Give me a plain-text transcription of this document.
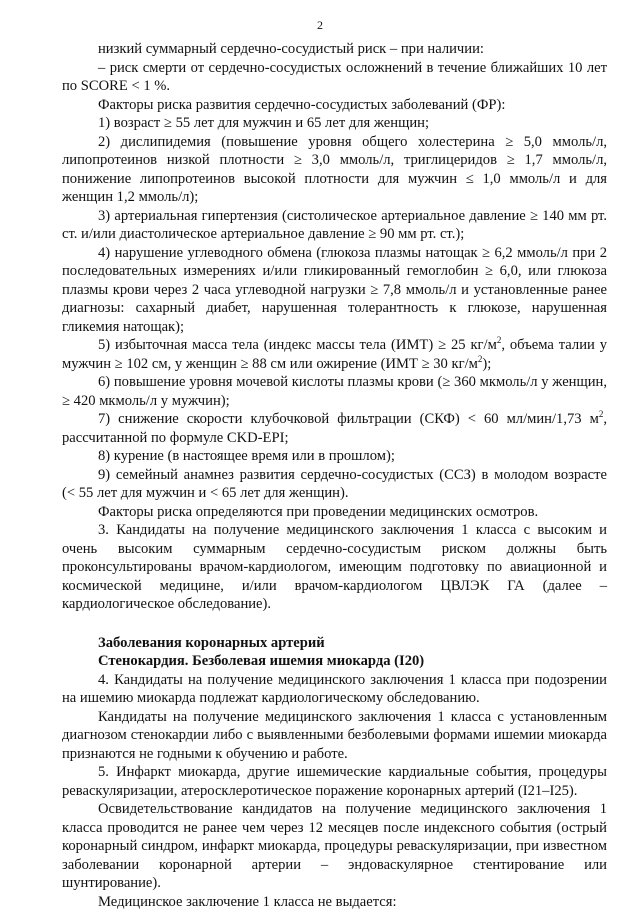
2

низкий суммарный сердечно-сосудистый риск – при наличии:

– риск смерти от сердечно-сосудистых осложнений в течение ближайших 10 лет по SCORE < 1 %.

Факторы риска развития сердечно-сосудистых заболеваний (ФР):

1) возраст ≥ 55 лет для мужчин и 65 лет для женщин;

2) дислипидемия (повышение уровня общего холестерина ≥ 5,0 ммоль/л, липопротеинов низкой плотности ≥ 3,0 ммоль/л, триглицеридов ≥ 1,7 ммоль/л, понижение липопротеинов высокой плотности для мужчин ≤ 1,0 ммоль/л и для женщин 1,2 ммоль/л);

3) артериальная гипертензия (систолическое артериальное давление ≥ 140 мм рт. ст. и/или диастолическое артериальное давление ≥ 90 мм рт. ст.);

4) нарушение углеводного обмена (глюкоза плазмы натощак ≥ 6,2 ммоль/л при 2 последовательных измерениях и/или гликированный гемоглобин ≥ 6,0, или глюкоза плазмы крови через 2 часа углеводной нагрузки ≥ 7,8 ммоль/л и установленные ранее диагнозы: сахарный диабет, нарушенная толерантность к глюкозе, нарушенная гликемия натощак);

5) избыточная масса тела (индекс массы тела (ИМТ) ≥ 25 $кг/м^2$, объема талии у мужчин ≥ 102 см, у женщин ≥ 88 см или ожирение (ИМТ ≥ 30 $кг/м^2$);

6) повышение уровня мочевой кислоты плазмы крови (≥ 360 мкмоль/л у женщин, ≥ 420 мкмоль/л у мужчин);

7) снижение скорости клубочковой фильтрации (СКФ) < 60 мл/мин/1,73 $м^2$, рассчитанной по формуле CKD-EPI;

8) курение (в настоящее время или в прошлом);

9) семейный анамнез развития сердечно-сосудистых (ССЗ) в молодом возрасте (< 55 лет для мужчин и < 65 лет для женщин).

Факторы риска определяются при проведении медицинских осмотров.

3. Кандидаты на получение медицинского заключения 1 класса с высоким и очень высоким суммарным сердечно-сосудистым риском должны быть проконсультированы врачом-кардиологом, имеющим подготовку по авиационной и космической медицине, и/или врачом-кардиологом ЦВЛЭК ГА (далее – кардиологическое обследование).

Заболевания коронарных артерий

Стенокардия. Безболевая ишемия миокарда (I20)

4. Кандидаты на получение медицинского заключения 1 класса при подозрении на ишемию миокарда подлежат кардиологическому обследованию.

Кандидаты на получение медицинского заключения 1 класса с установленным диагнозом стенокардии либо с выявленными безболевыми формами ишемии миокарда признаются не годными к обучению и работе.

5. Инфаркт миокарда, другие ишемические кардиальные события, процедуры реваскуляризации, атеросклеротическое поражение коронарных артерий (I21–I25).

Освидетельствование кандидатов на получение медицинского заключения 1 класса проводится не ранее чем через 12 месяцев после индексного события (острый коронарный синдром, инфаркт миокарда, процедуры реваскуляризации, при известном заболевании коронарной артерии – эндоваскулярное стентирование или шунтирование).

Медицинское заключение 1 класса не выдается:
